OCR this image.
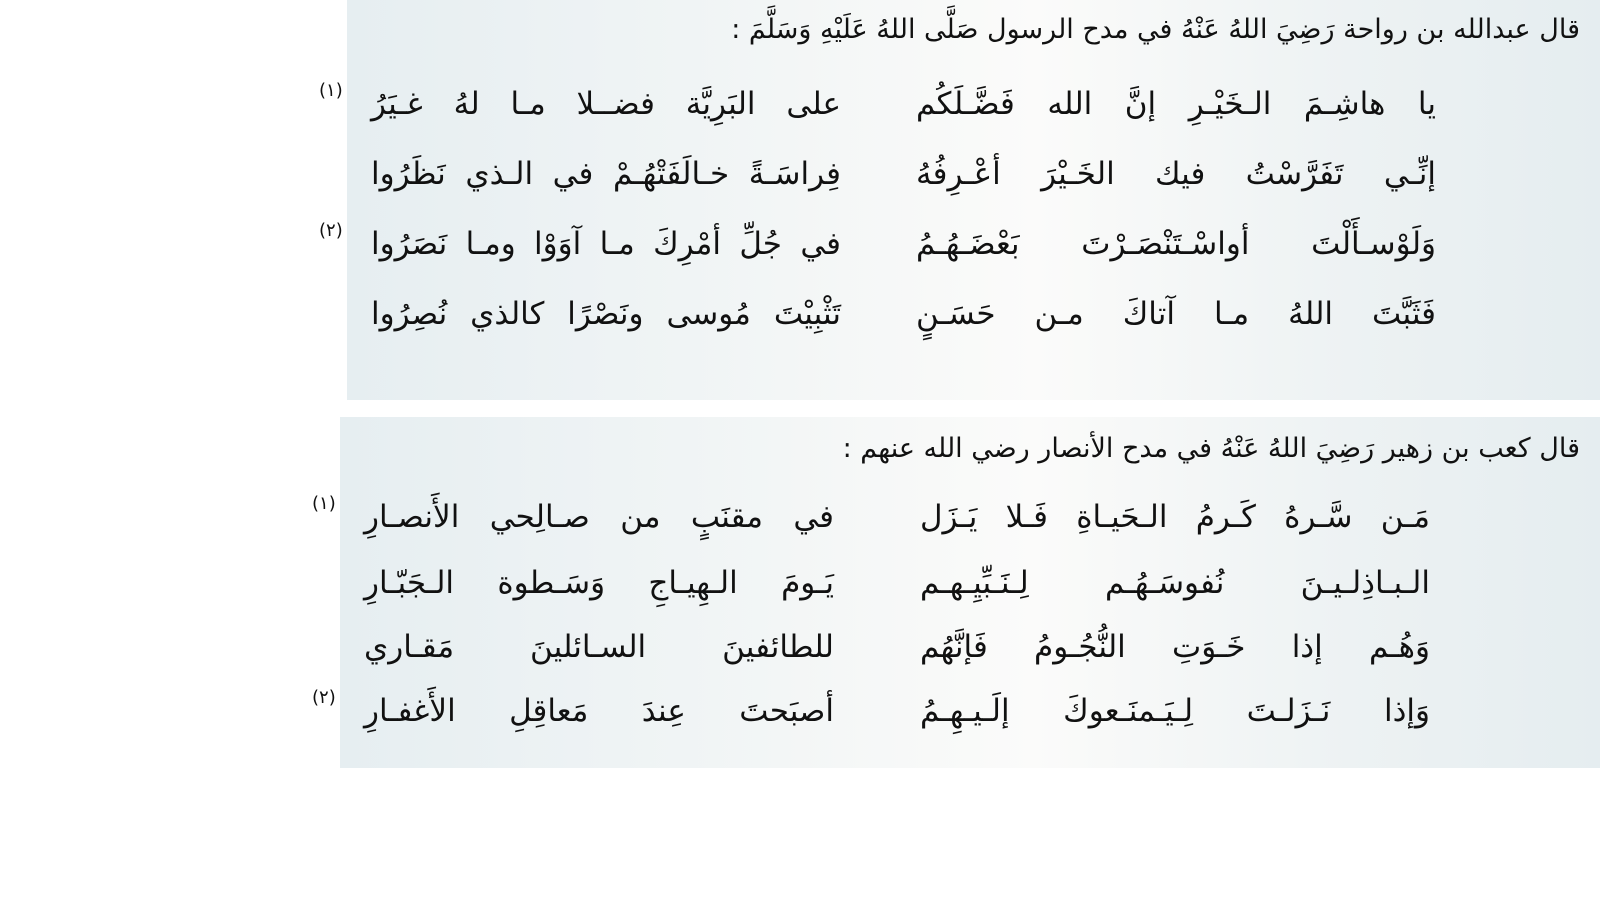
قال عبدالله بن رواحة رَضِيَ اللهُ عَنْهُ في مدح الرسول صَلَّى اللهُ عَلَيْهِ وَسَلَّمَ :
يا هاشِـمَ الـخَيْـرِ إنَّ الله فَضَّـلَكُم
على البَرِيَّة فضــلا مـا لهُ غـيَرُ
(١)
إنِّـي تَفَرَّسْتُ فيك الخَـيْرَ أعْـرِفُهُ
فِراسَـةً خـالَفَتْهُـمْ في الـذي نَظَرُوا
وَلَوْسـأَلْتَ أواسْـتَنْصَـرْتَ بَعْضَـهُـمُ
في جُلِّ أمْرِكَ مـا آوَوْا ومـا نَصَرُوا
(٢)
فَثَبَّتَ اللهُ مـا آتاكَ مـن حَسَـنٍ
تَثْبِيْتَ مُوسى ونَصْرًا كالذي نُصِرُوا
قال كعب بن زهير رَضِيَ اللهُ عَنْهُ في مدح الأنصار رضي الله عنهم :
مَـن سَّـرهُ كَـرمُ الـحَيـاةِ فَـلا يَـزَل
في مقنَبٍ من صـالِحي الأَنصـارِ
(١)
الـبـاذِلـيـنَ نُفوسَـهُـم لِـنَـبِّيِـهـم
يَـومَ الـهِيـاجِ وَسَـطوة الـجَبّـارِ
وَهُـم إذا خَـوَتِ النُّجُـومُ فَإنَّهُم
للطائفينَ السـائلينَ مَقـاري
وَإذا نَـزَلـتَ لِـيَـمنَـعوكَ إلَـيـهِـمُ
أصبَحتَ عِندَ مَعاقِلِ الأَغفـارِ
(٢)
